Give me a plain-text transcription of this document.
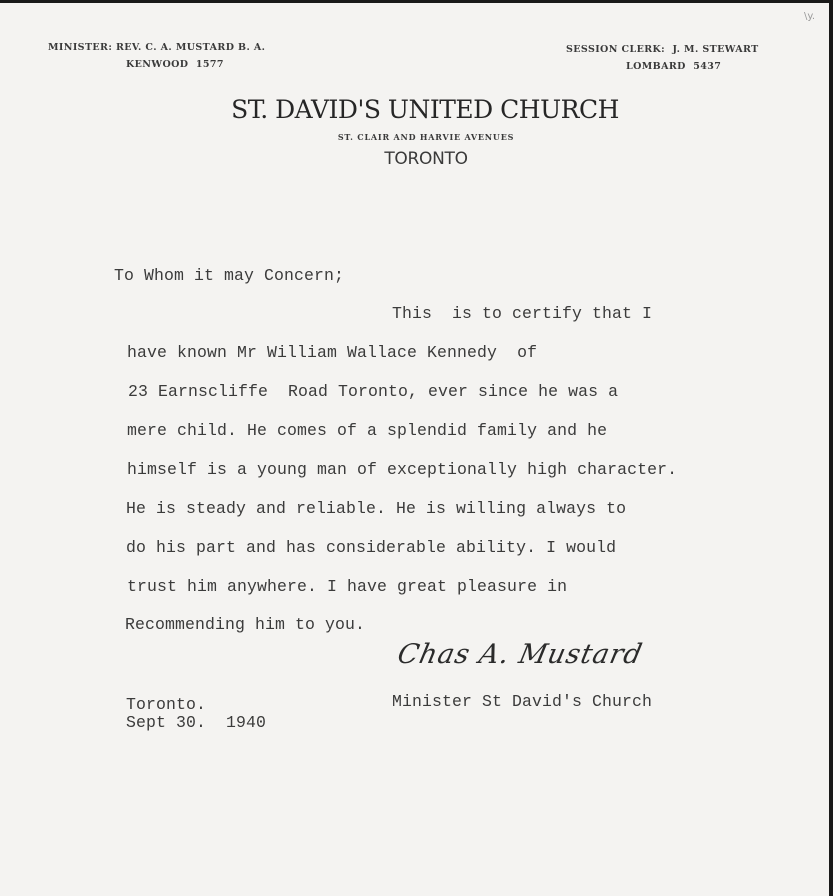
\y.
MINISTER: REV. C. A. MUSTARD B. A.
KENWOOD  1577
SESSION CLERK:  J. M. STEWART
LOMBARD  5437
ST. DAVID'S UNITED CHURCH
ST. CLAIR AND HARVIE AVENUES
TORONTO
To Whom it may Concern;
This  is to certify that I
have known Mr William Wallace Kennedy  of
23 Earnscliffe  Road Toronto, ever since he was a
mere child. He comes of a splendid family and he
himself is a young man of exceptionally high character.
He is steady and reliable. He is willing always to
do his part and has considerable ability. I would
trust him anywhere. I have great pleasure in
Recommending him to you.
Chas A. Mustard
Minister St David's Church
Toronto.
Sept 30.  1940
